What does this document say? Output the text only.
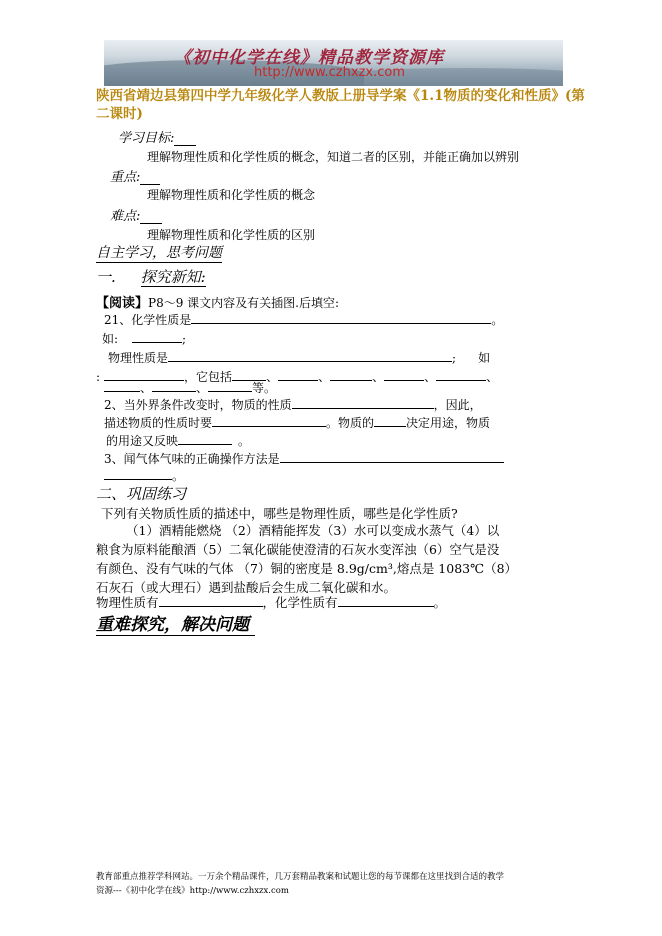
《初中化学在线》精品教学资源库
http://www.czhxzx.com
陕西省靖边县第四中学九年级化学人教版上册导学案《1.1物质的变化和性质》(第二课时)
学习目标:
理解物理性质和化学性质的概念，知道二者的区别，并能正确加以辨别
重点:
理解物理性质和化学性质的概念
难点:
理解物理性质和化学性质的区别
自主学习，思考问题
一. 探究新知:
【阅读】P8～9 课文内容及有关插图.后填空:
21、化学性质是	。
如:	;
物理性质是	; 如
:	，它包括	、	、	、	、	、
、	、	等。
2、当外界条件改变时，物质的性质	，因此，
描述物质的性质时要	。物质的	决定用途，物质
的用途又反映	。
3、闻气体气味的正确操作方法是
。
二、巩固练习
下列有关物质性质的描述中，哪些是物理性质，哪些是化学性质?
（1）酒精能燃烧 （2）酒精能挥发（3）水可以变成水蒸气（4）以
粮食为原料能酿酒（5）二氧化碳能使澄清的石灰水变浑浊（6）空气是没
有颜色、没有气味的气体 （7）铜的密度是 8.9g/cm³,熔点是 1083℃（8）
石灰石（或大理石）遇到盐酸后会生成二氧化碳和水。
物理性质有	，化学性质有	。
重难探究，解决问题
教育部重点推荐学科网站。一万余个精品课件，几万套精品教案和试题让您的每节课都在这里找到合适的教学
资源---《初中化学在线》http://www.czhxzx.com
